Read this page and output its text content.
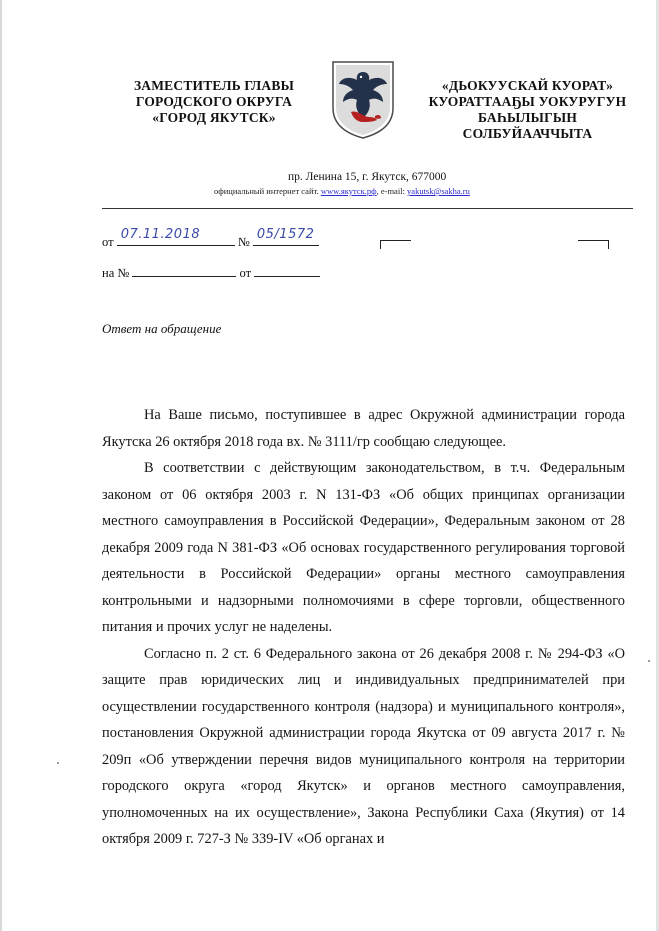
ЗАМЕСТИТЕЛЬ ГЛАВЫ
ГОРОДСКОГО ОКРУГА
«ГОРОД ЯКУТСК»
«ДЬОКУУСКАЙ КУОРАТ»
КУОРАТТААҔЫ УОКУРУГУН
БАҺЫЛЫГЫН
СОЛБУЙААЧЧЫТА
пр. Ленина 15, г. Якутск, 677000
официальный интернет сайт. www.якутск.рф, e-mail: yakutsk@sakha.ru
от 07.11.2018	№ 05/1572
на №	от
Ответ на обращение

На Ваше письмо, поступившее в адрес Окружной администрации города Якутска 26 октября 2018 года вх. № 3111/гр сообщаю следующее.

В соответствии с действующим законодательством, в т.ч. Федеральным законом от 06 октября 2003 г. N 131-ФЗ «Об общих принципах организации местного самоуправления в Российской Федерации», Федеральным законом от 28 декабря 2009 года N 381-ФЗ «Об основах государственного регулирования торговой деятельности в Российской Федерации» органы местного самоуправления контрольными и надзорными полномочиями в сфере торговли, общественного питания и прочих услуг не наделены.

Согласно п. 2 ст. 6 Федерального закона от 26 декабря 2008 г. № 294-ФЗ «О защите прав юридических лиц и индивидуальных предпринимателей при осуществлении государственного контроля (надзора) и муниципального контроля», постановления Окружной администрации города Якутска от 09 августа 2017 г. № 209п «Об утверждении перечня видов муниципального контроля на территории городского округа «город Якутск» и органов местного самоуправления, уполномоченных на их осуществление», Закона Республики Саха (Якутия) от 14 октября 2009 г. 727-З № 339-IV «Об органах и
